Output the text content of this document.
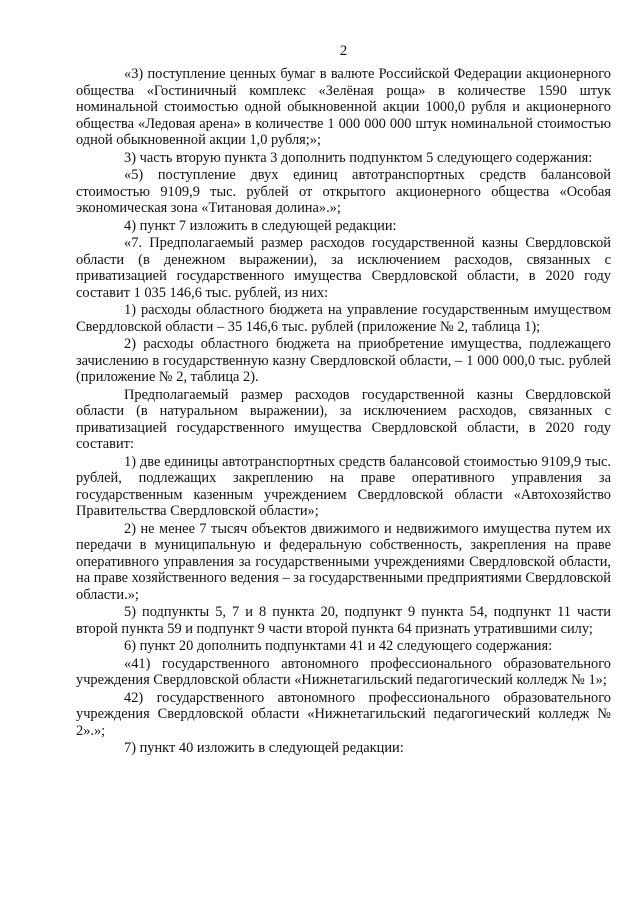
2

«3) поступление ценных бумаг в валюте Российской Федерации акционерного общества «Гостиничный комплекс «Зелёная роща» в количестве 1590 штук номинальной стоимостью одной обыкновенной акции 1000,0 рубля и акционерного общества «Ледовая арена» в количестве 1 000 000 000 штук номинальной стоимостью одной обыкновенной акции 1,0 рубля;»;

3) часть вторую пункта 3 дополнить подпунктом 5 следующего содержания:

«5) поступление двух единиц автотранспортных средств балансовой стоимостью 9109,9 тыс. рублей от открытого акционерного общества «Особая экономическая зона «Титановая долина».»;

4) пункт 7 изложить в следующей редакции:

«7. Предполагаемый размер расходов государственной казны Свердловской области (в денежном выражении), за исключением расходов, связанных с приватизацией государственного имущества Свердловской области, в 2020 году составит 1 035 146,6 тыс. рублей, из них:

1) расходы областного бюджета на управление государственным имуществом Свердловской области – 35 146,6 тыс. рублей (приложение № 2, таблица 1);

2) расходы областного бюджета на приобретение имущества, подлежащего зачислению в государственную казну Свердловской области, – 1 000 000,0 тыс. рублей (приложение № 2, таблица 2).

Предполагаемый размер расходов государственной казны Свердловской области (в натуральном выражении), за исключением расходов, связанных с приватизацией государственного имущества Свердловской области, в 2020 году составит:

1) две единицы автотранспортных средств балансовой стоимостью 9109,9 тыс. рублей, подлежащих закреплению на праве оперативного управления за государственным казенным учреждением Свердловской области «Автохозяйство Правительства Свердловской области»;

2) не менее 7 тысяч объектов движимого и недвижимого имущества путем их передачи в муниципальную и федеральную собственность, закрепления на праве оперативного управления за государственными учреждениями Свердловской области, на праве хозяйственного ведения – за государственными предприятиями Свердловской области.»;

5) подпункты 5, 7 и 8 пункта 20, подпункт 9 пункта 54, подпункт 11 части второй пункта 59 и подпункт 9 части второй пункта 64 признать утратившими силу;

6) пункт 20 дополнить подпунктами 41 и 42 следующего содержания:

«41) государственного автономного профессионального образовательного учреждения Свердловской области «Нижнетагильский педагогический колледж № 1»;

42) государственного автономного профессионального образовательного учреждения Свердловской области «Нижнетагильский педагогический колледж № 2».»;

7) пункт 40 изложить в следующей редакции:
